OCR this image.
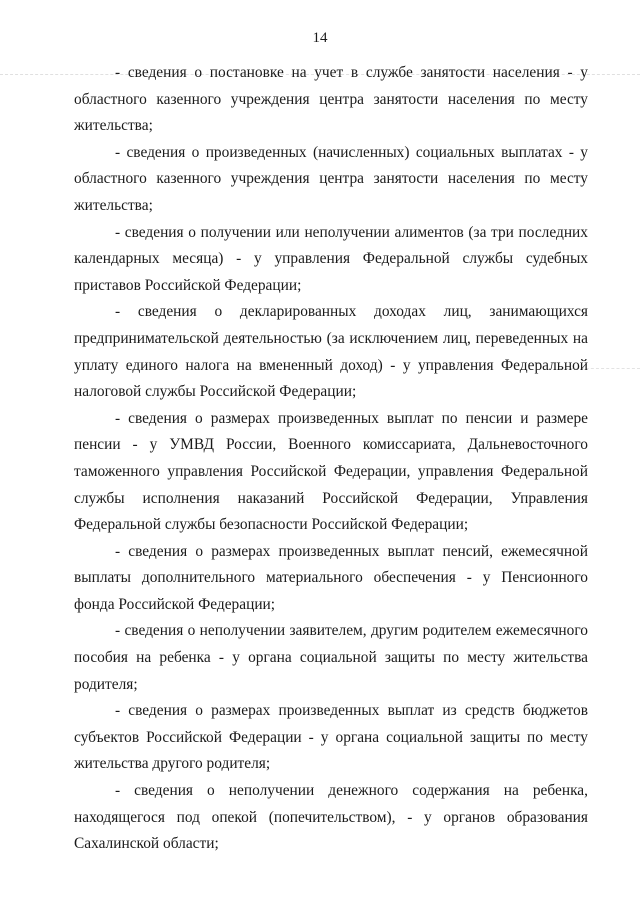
14

- сведения о постановке на учет в службе занятости населения - у областного казенного учреждения центра занятости населения по месту жительства;

- сведения о произведенных (начисленных) социальных выплатах - у областного казенного учреждения центра занятости населения по месту жительства;

- сведения о получении или неполучении алиментов (за три последних календарных месяца) - у управления Федеральной службы судебных приставов Российской Федерации;

- сведения о декларированных доходах лиц, занимающихся предпринимательской деятельностью (за исключением лиц, переведенных на уплату единого налога на вмененный доход) - у управления Федеральной налоговой службы Российской Федерации;

- сведения о размерах произведенных выплат по пенсии и размере пенсии - у УМВД России, Военного комиссариата, Дальневосточного таможенного управления Российской Федерации, управления Федеральной службы исполнения наказаний Российской Федерации, Управления Федеральной службы безопасности Российской Федерации;

- сведения о размерах произведенных выплат пенсий, ежемесячной выплаты дополнительного материального обеспечения - у Пенсионного фонда Российской Федерации;

- сведения о неполучении заявителем, другим родителем ежемесячного пособия на ребенка - у органа социальной защиты по месту жительства родителя;

- сведения о размерах произведенных выплат из средств бюджетов субъектов Российской Федерации - у органа социальной защиты по месту жительства другого родителя;

- сведения о неполучении денежного содержания на ребенка, находящегося под опекой (попечительством), - у органов образования Сахалинской области;
